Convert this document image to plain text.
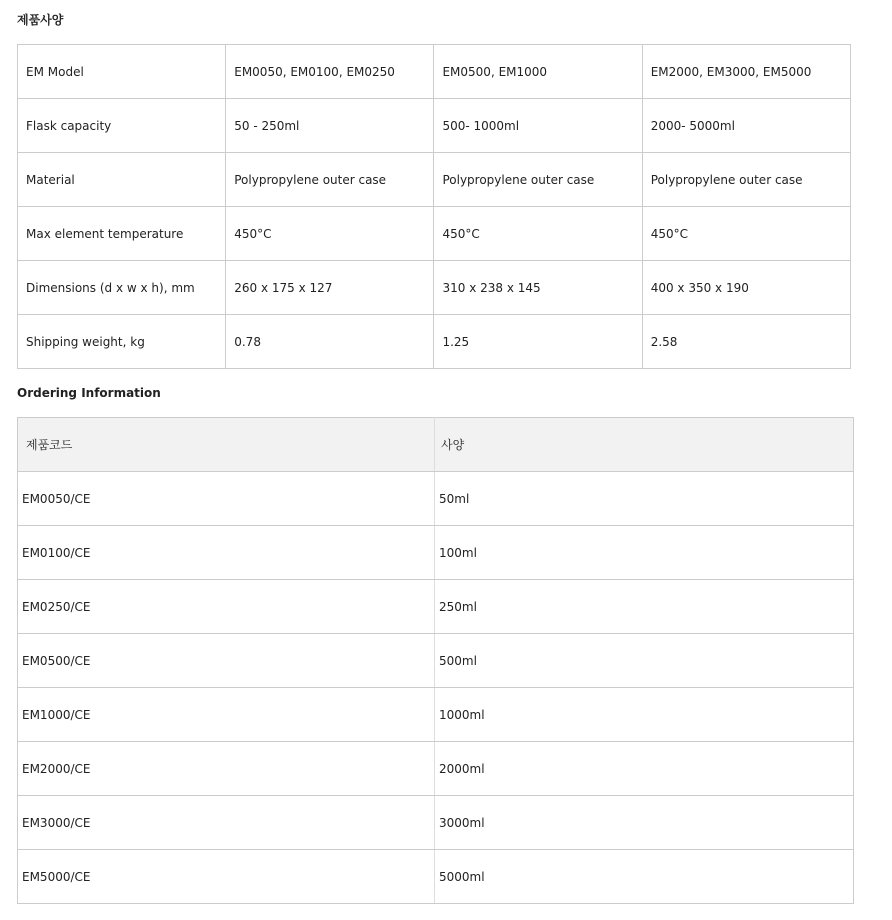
제품사양
EM Model	EM0050, EM0100, EM0250	EM0500, EM1000	EM2000, EM3000, EM5000
Flask capacity	50 - 250ml	500- 1000ml	2000- 5000ml
Material	Polypropylene outer case	Polypropylene outer case	Polypropylene outer case
Max element temperature	450°C	450°C	450°C
Dimensions (d x w x h), mm	260 x 175 x 127	310 x 238 x 145	400 x 350 x 190
Shipping weight, kg	0.78	1.25	2.58
Ordering Information
제품코드	사양
EM0050/CE	50ml
EM0100/CE	100ml
EM0250/CE	250ml
EM0500/CE	500ml
EM1000/CE	1000ml
EM2000/CE	2000ml
EM3000/CE	3000ml
EM5000/CE	5000ml
